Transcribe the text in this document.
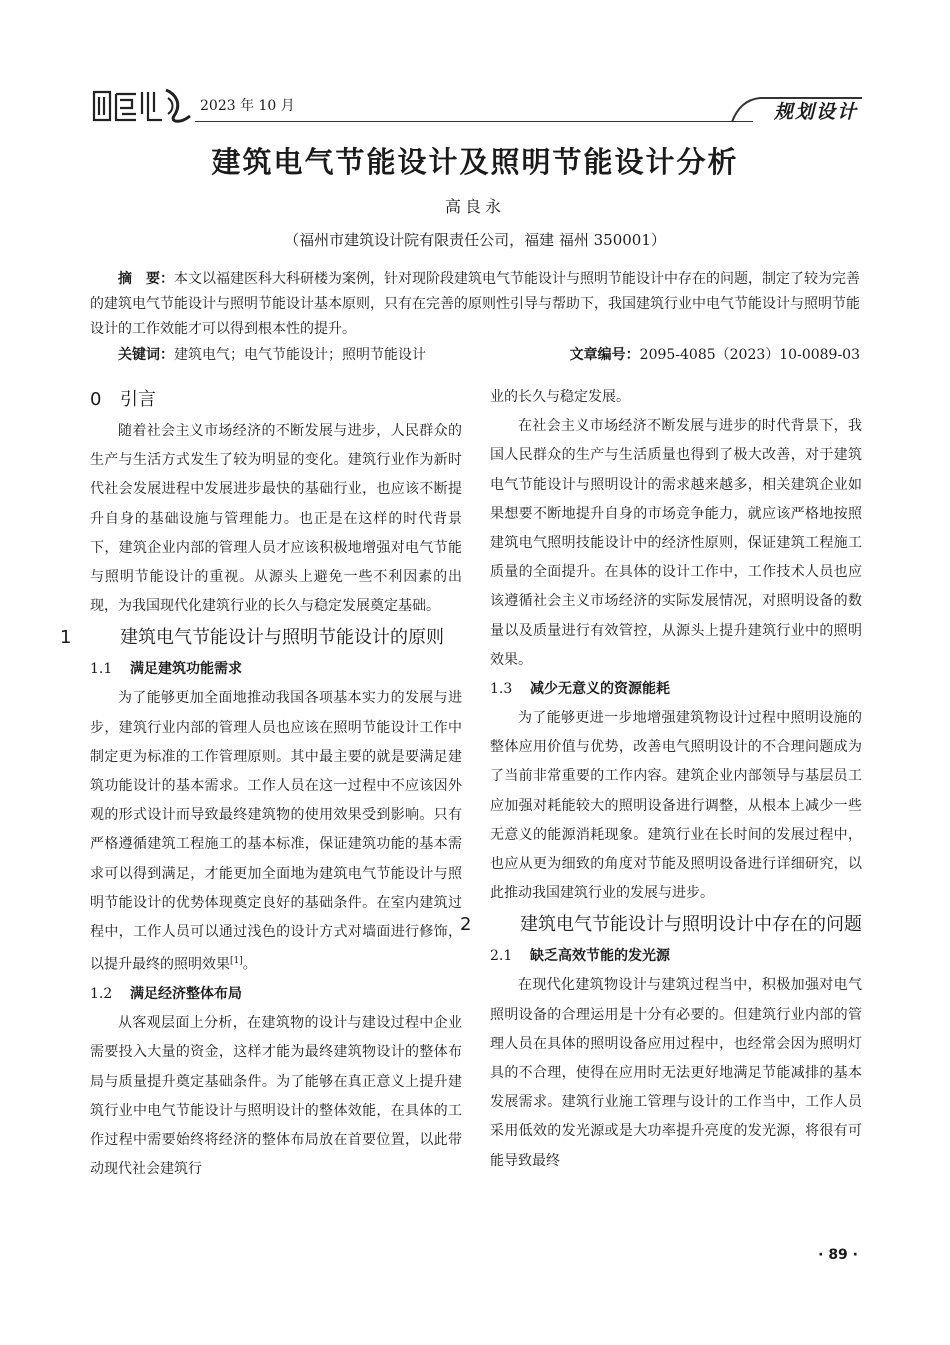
2023 年 10 月	规划设计
建筑电气节能设计及照明节能设计分析
高良永
（福州市建筑设计院有限责任公司，福建 福州 350001）
摘　要：本文以福建医科大科研楼为案例，针对现阶段建筑电气节能设计与照明节能设计中存在的问题，制定了较为完善的建筑电气节能设计与照明节能设计基本原则，只有在完善的原则性引导与帮助下，我国建筑行业中电气节能设计与照明节能设计的工作效能才可以得到根本性的提升。
关键词：建筑电气；电气节能设计；照明节能设计	文章编号：2095-4085（2023）10-0089-03
0 引言

随着社会主义市场经济的不断发展与进步，人民群众的生产与生活方式发生了较为明显的变化。建筑行业作为新时代社会发展进程中发展进步最快的基础行业，也应该不断提升自身的基础设施与管理能力。也正是在这样的时代背景下，建筑企业内部的管理人员才应该积极地增强对电气节能与照明节能设计的重视。从源头上避免一些不利因素的出现，为我国现代化建筑行业的长久与稳定发展奠定基础。

1	建筑电气节能设计与照明节能设计的原则
1.1 满足建筑功能需求

为了能够更加全面地推动我国各项基本实力的发展与进步，建筑行业内部的管理人员也应该在照明节能设计工作中制定更为标准的工作管理原则。其中最主要的就是要满足建筑功能设计的基本需求。工作人员在这一过程中不应该因外观的形式设计而导致最终建筑物的使用效果受到影响。只有严格遵循建筑工程施工的基本标准，保证建筑功能的基本需求可以得到满足，才能更加全面地为建筑电气节能设计与照明节能设计的优势体现奠定良好的基础条件。在室内建筑过程中，工作人员可以通过浅色的设计方式对墙面进行修饰，以提升最终的照明效果[1]。

1.2 满足经济整体布局

从客观层面上分析，在建筑物的设计与建设过程中企业需要投入大量的资金，这样才能为最终建筑物设计的整体布局与质量提升奠定基础条件。为了能够在真正意义上提升建筑行业中电气节能设计与照明设计的整体效能，在具体的工作过程中需要始终将经济的整体布局放在首要位置，以此带动现代社会建筑行

业的长久与稳定发展。

在社会主义市场经济不断发展与进步的时代背景下，我国人民群众的生产与生活质量也得到了极大改善，对于建筑电气节能设计与照明设计的需求越来越多，相关建筑企业如果想要不断地提升自身的市场竞争能力，就应该严格地按照建筑电气照明技能设计中的经济性原则，保证建筑工程施工质量的全面提升。在具体的设计工作中，工作技术人员也应该遵循社会主义市场经济的实际发展情况，对照明设备的数量以及质量进行有效管控，从源头上提升建筑行业中的照明效果。

1.3 减少无意义的资源能耗

为了能够更进一步地增强建筑物设计过程中照明设施的整体应用价值与优势，改善电气照明设计的不合理问题成为了当前非常重要的工作内容。建筑企业内部领导与基层员工应加强对耗能较大的照明设备进行调整，从根本上减少一些无意义的能源消耗现象。建筑行业在长时间的发展过程中，也应从更为细致的角度对节能及照明设备进行详细研究，以此推动我国建筑行业的发展与进步。

2	建筑电气节能设计与照明设计中存在的问题
2.1 缺乏高效节能的发光源

在现代化建筑物设计与建筑过程当中，积极加强对电气照明设备的合理运用是十分有必要的。但建筑行业内部的管理人员在具体的照明设备应用过程中，也经常会因为照明灯具的不合理，使得在应用时无法更好地满足节能减排的基本发展需求。建筑行业施工管理与设计的工作当中，工作人员采用低效的发光源或是大功率提升亮度的发光源，将很有可能导致最终

· 89 ·
